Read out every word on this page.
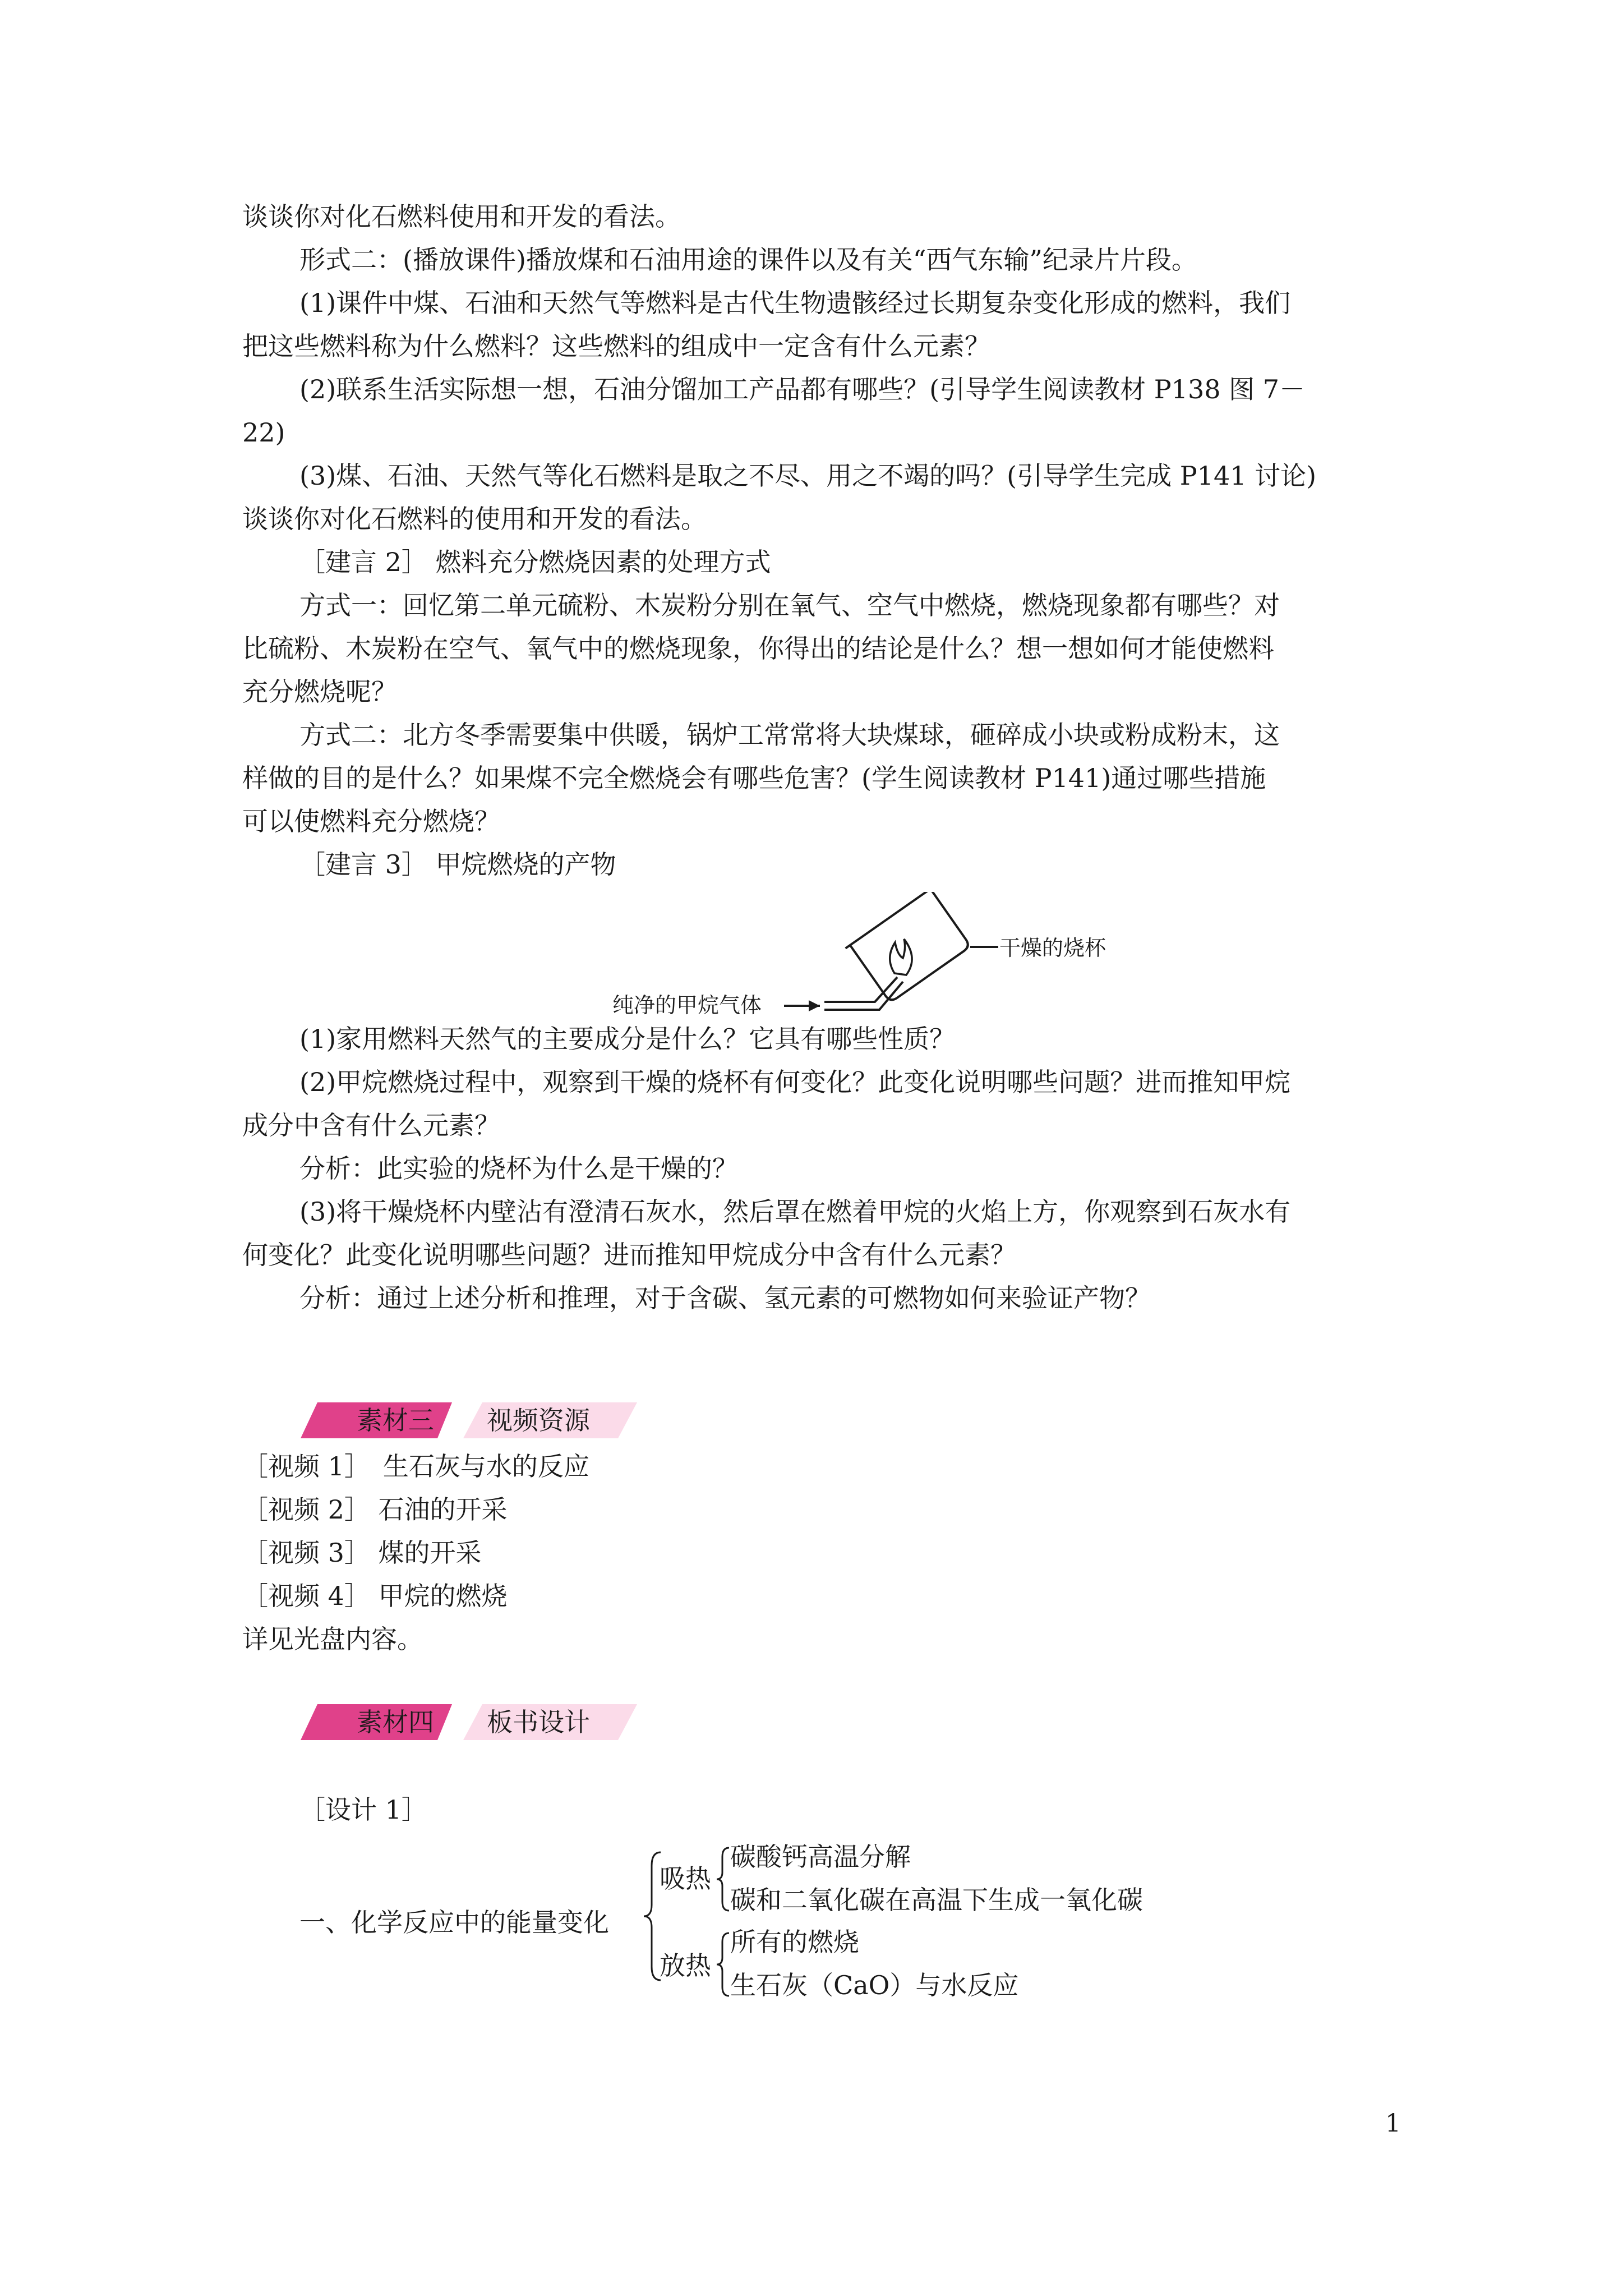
谈谈你对化石燃料使用和开发的看法。
形式二：(播放课件)播放煤和石油用途的课件以及有关“西气东输”纪录片片段。
(1)课件中煤、石油和天然气等燃料是古代生物遗骸经过长期复杂变化形成的燃料，我们
把这些燃料称为什么燃料？这些燃料的组成中一定含有什么元素？
(2)联系生活实际想一想，石油分馏加工产品都有哪些？(引导学生阅读教材 P138 图 7－
22)
(3)煤、石油、天然气等化石燃料是取之不尽、用之不竭的吗？(引导学生完成 P141 讨论)
谈谈你对化石燃料的使用和开发的看法。
［建言 2］ 燃料充分燃烧因素的处理方式
方式一：回忆第二单元硫粉、木炭粉分别在氧气、空气中燃烧，燃烧现象都有哪些？对
比硫粉、木炭粉在空气、氧气中的燃烧现象，你得出的结论是什么？想一想如何才能使燃料
充分燃烧呢？
方式二：北方冬季需要集中供暖，锅炉工常常将大块煤球，砸碎成小块或粉成粉末，这
样做的目的是什么？如果煤不完全燃烧会有哪些危害？(学生阅读教材 P141)通过哪些措施
可以使燃料充分燃烧？
［建言 3］ 甲烷燃烧的产物
干燥的烧杯
纯净的甲烷气体
(1)家用燃料天然气的主要成分是什么？它具有哪些性质？
(2)甲烷燃烧过程中，观察到干燥的烧杯有何变化？此变化说明哪些问题？进而推知甲烷
成分中含有什么元素？
分析：此实验的烧杯为什么是干燥的？
(3)将干燥烧杯内壁沾有澄清石灰水，然后罩在燃着甲烷的火焰上方，你观察到石灰水有
何变化？此变化说明哪些问题？进而推知甲烷成分中含有什么元素？
分析：通过上述分析和推理，对于含碳、氢元素的可燃物如何来验证产物？
素材三 视频资源
［视频 1］　生石灰与水的反应
［视频 2］ 石油的开采
［视频 3］ 煤的开采
［视频 4］ 甲烷的燃烧
详见光盘内容。
素材四 板书设计
［设计 1］
一、化学反应中的能量变化
吸热
碳酸钙高温分解
碳和二氧化碳在高温下生成一氧化碳
放热
所有的燃烧
生石灰（CaO）与水反应
1
